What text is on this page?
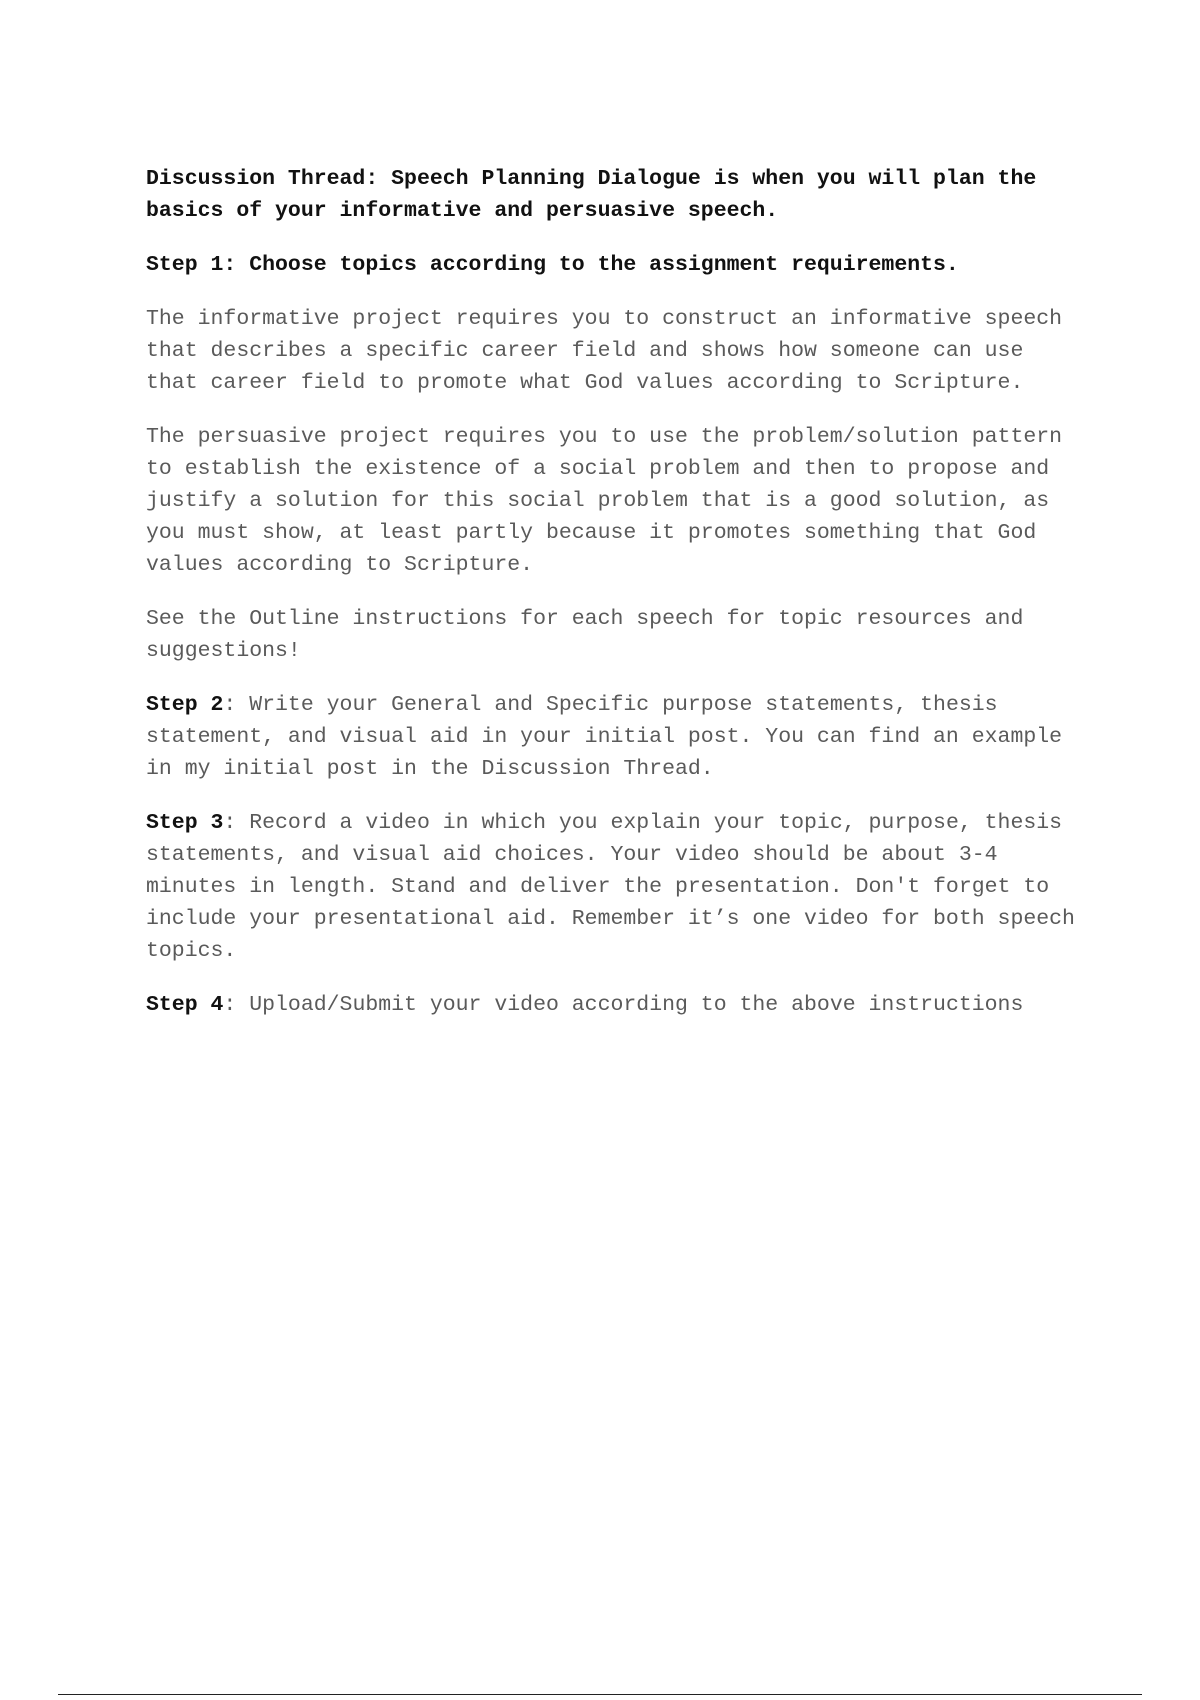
Discussion Thread: Speech Planning Dialogue is when you will plan the basics of your informative and persuasive speech.

Step 1: Choose topics according to the assignment requirements.

The informative project requires you to construct an informative speech that describes a specific career field and shows how someone can use that career field to promote what God values according to Scripture.

The persuasive project requires you to use the problem/solution pattern to establish the existence of a social problem and then to propose and justify a solution for this social problem that is a good solution, as you must show, at least partly because it promotes something that God values according to Scripture.

See the Outline instructions for each speech for topic resources and suggestions!

Step 2: Write your General and Specific purpose statements, thesis statement, and visual aid in your initial post. You can find an example in my initial post in the Discussion Thread.

Step 3: Record a video in which you explain your topic, purpose, thesis statements, and visual aid choices. Your video should be about 3-4 minutes in length. Stand and deliver the presentation. Don't forget to include your presentational aid. Remember it’s one video for both speech topics.

Step 4: Upload/Submit your video according to the above instructions
